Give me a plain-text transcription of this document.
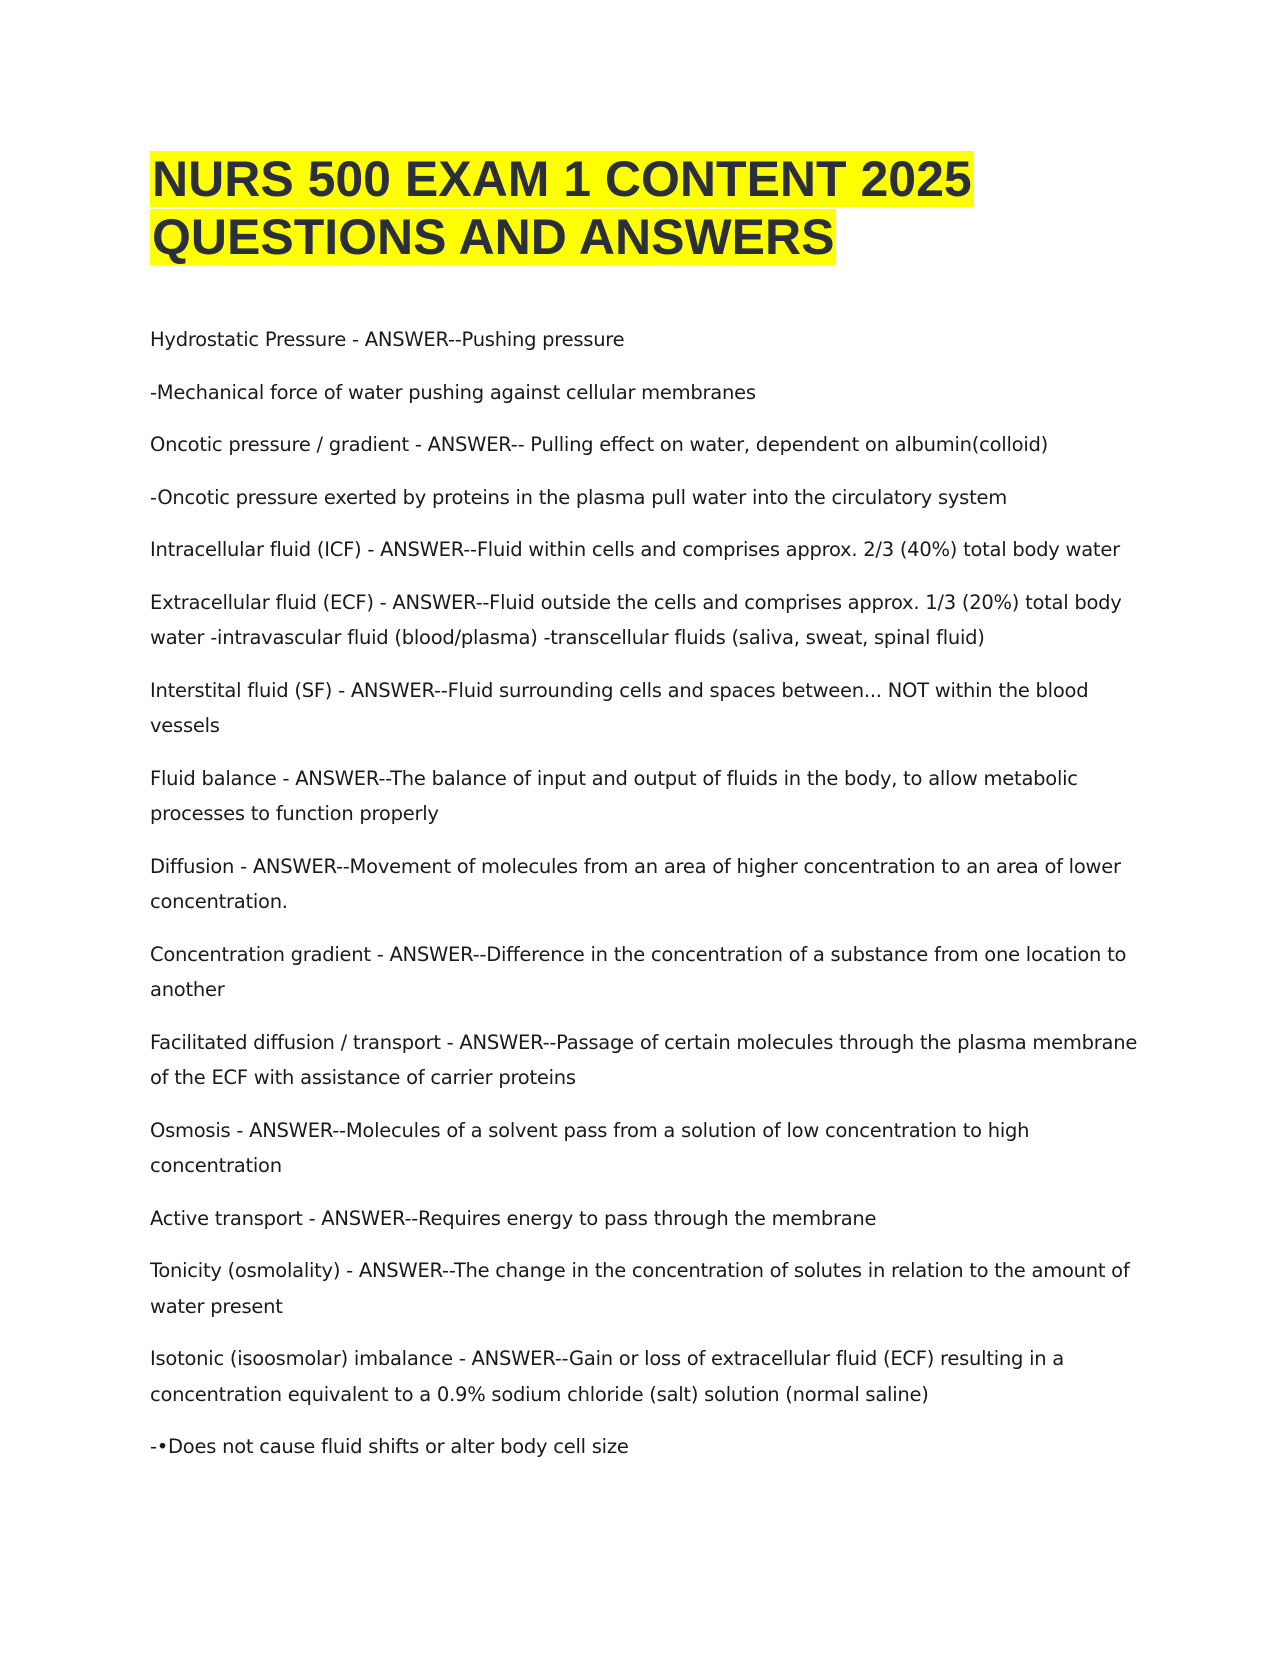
NURS 500 EXAM 1 CONTENT 2025
QUESTIONS AND ANSWERS

Hydrostatic Pressure - ANSWER--Pushing pressure

-Mechanical force of water pushing against cellular membranes

Oncotic pressure / gradient - ANSWER-- Pulling effect on water, dependent on albumin(colloid)

-Oncotic pressure exerted by proteins in the plasma pull water into the circulatory system

Intracellular fluid (ICF) - ANSWER--Fluid within cells and comprises approx. 2/3 (40%) total body water

Extracellular fluid (ECF) - ANSWER--Fluid outside the cells and comprises approx. 1/3 (20%) total body water -intravascular fluid (blood/plasma) -transcellular fluids (saliva, sweat, spinal fluid)

Interstital fluid (SF) - ANSWER--Fluid surrounding cells and spaces between... NOT within the blood vessels

Fluid balance - ANSWER--The balance of input and output of fluids in the body, to allow metabolic processes to function properly

Diffusion - ANSWER--Movement of molecules from an area of higher concentration to an area of lower concentration.

Concentration gradient - ANSWER--Difference in the concentration of a substance from one location to another

Facilitated diffusion / transport - ANSWER--Passage of certain molecules through the plasma membrane of the ECF with assistance of carrier proteins

Osmosis - ANSWER--Molecules of a solvent pass from a solution of low concentration to high concentration

Active transport - ANSWER--Requires energy to pass through the membrane

Tonicity (osmolality) - ANSWER--The change in the concentration of solutes in relation to the amount of water present

Isotonic (isoosmolar) imbalance - ANSWER--Gain or loss of extracellular fluid (ECF) resulting in a concentration equivalent to a 0.9% sodium chloride (salt) solution (normal saline)

-•Does not cause fluid shifts or alter body cell size
